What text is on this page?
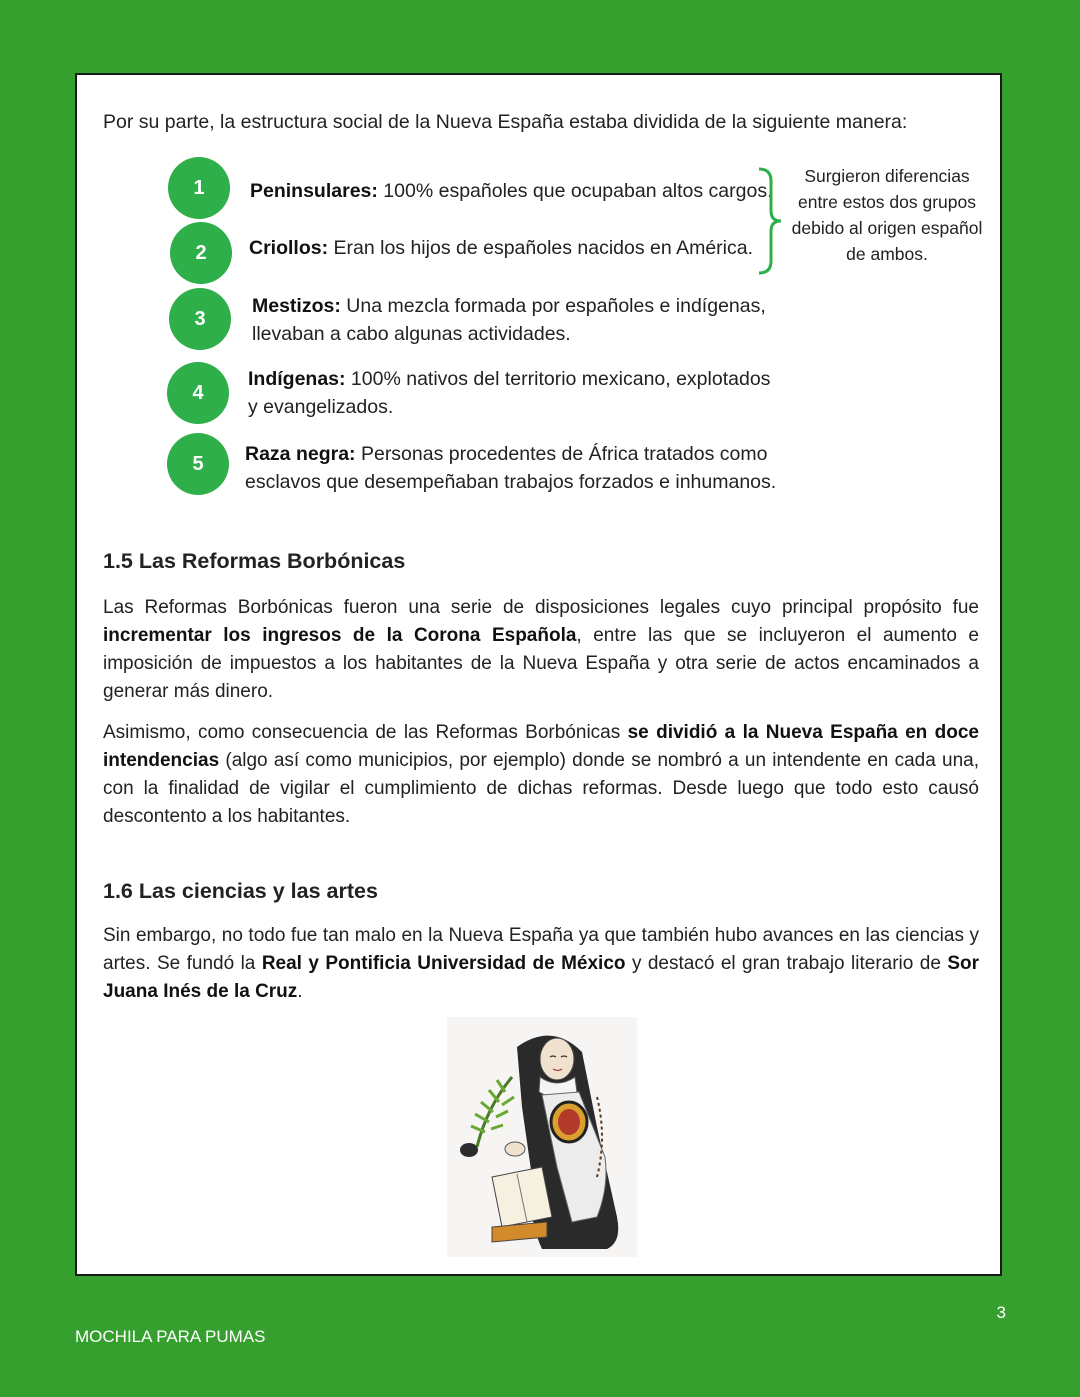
Por su parte, la estructura social de la Nueva España estaba dividida de la siguiente manera:
1	Peninsulares: 100% españoles que ocupaban altos cargos.
2	Criollos: Eran los hijos de españoles nacidos en América.
3
Mestizos: Una mezcla formada por españoles e indígenas,
llevaban a cabo algunas actividades.
4
Indígenas: 100% nativos del territorio mexicano, explotados
y evangelizados.
5	Raza negra: Personas procedentes de África tratados como
esclavos que desempeñaban trabajos forzados e inhumanos.
Surgieron diferencias entre estos dos grupos debido al origen español de ambos.
1.5 Las Reformas Borbónicas

Las Reformas Borbónicas fueron una serie de disposiciones legales cuyo principal propósito fue incrementar los ingresos de la Corona Española, entre las que se incluyeron el aumento e imposición de impuestos a los habitantes de la Nueva España y otra serie de actos encaminados a generar más dinero.

Asimismo, como consecuencia de las Reformas Borbónicas se dividió a la Nueva España en doce intendencias (algo así como municipios, por ejemplo) donde se nombró a un intendente en cada una, con la finalidad de vigilar el cumplimiento de dichas reformas. Desde luego que todo esto causó descontento a los habitantes.

1.6 Las ciencias y las artes

Sin embargo, no todo fue tan malo en la Nueva España ya que también hubo avances en las ciencias y artes. Se fundó la Real y Pontificia Universidad de México y destacó el gran trabajo literario de Sor Juana Inés de la Cruz.

3
MOCHILA PARA PUMAS
